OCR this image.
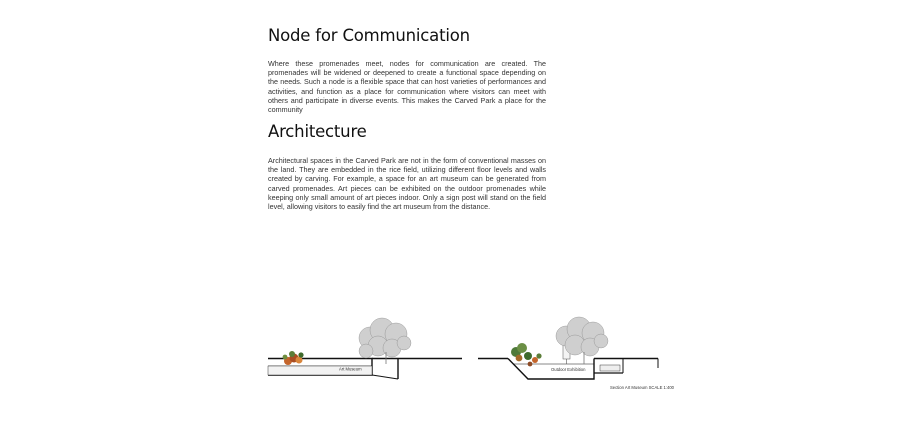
Node for Communication

Where these promenades meet, nodes for communication are created. The promenades will be widened or deepened to create a functional space depending on the needs. Such a node is a flexible space that can host varieties of performances and activities, and function as a place for communication where visitors can meet with others and participate in diverse events. This makes the Carved Park a place for the community

Architecture

Architectural spaces in the Carved Park are not in the form of conventional masses on the land. They are embedded in the rice field, utilizing different floor levels and walls created by carving. For example, a space for an art museum can be generated from carved promenades. Art pieces can be exhibited on the outdoor promenades while keeping only small amount of art pieces indoor. Only a sign post will stand on the field level, allowing visitors to easily find the art museum from the distance.

Art Museum	Outdoor Exhibition
Section Art Museum SCALE 1:400
